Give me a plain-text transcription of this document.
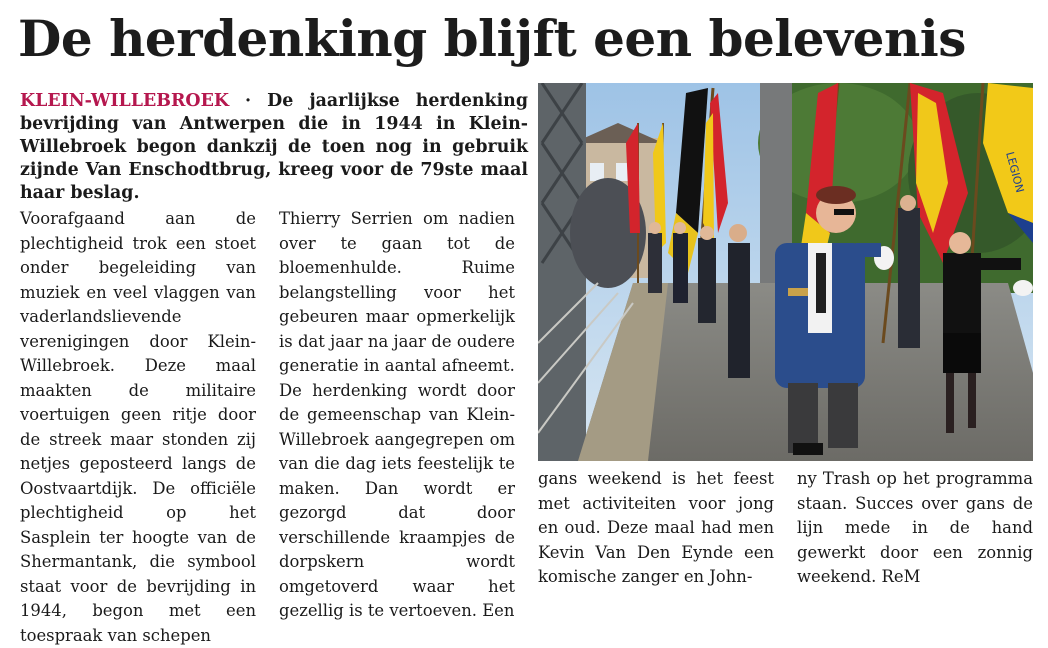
De herdenking blijft een belevenis
KLEIN-WILLEBROEK · De jaarlijkse herdenking bevrijding van Antwerpen die in 1944 in Klein-Willebroek begon dankzij de toen nog in gebruik zijnde Van Enschodtbrug, kreeg voor de 79ste maal haar beslag.

Voorafgaand aan de plechtigheid trok een stoet onder begeleiding van muziek en veel vlaggen van vaderlandslievende verenigingen door Klein-Willebroek. Deze maal maakten de militaire voertuigen geen ritje door de streek maar stonden zij netjes geposteerd langs de Oostvaartdijk. De officiële plechtigheid op het Sasplein ter hoogte van de Shermantank, die symbool staat voor de bevrijding in 1944, begon met een toespraak van schepen

Thierry Serrien om nadien over te gaan tot de bloemenhulde. Ruime belangstelling voor het gebeuren maar opmerkelijk is dat jaar na jaar de oudere generatie in aantal afneemt.

De herdenking wordt door de gemeenschap van Klein-Willebroek aangegrepen om van die dag iets feestelijk te maken. Dan wordt er gezorgd dat door verschillende kraampjes de dorpskern wordt omgetoverd waar het gezellig is te vertoeven. Een

gans weekend is het feest met activiteiten voor jong en oud. Deze maal had men Kevin Van Den Eynde een komische zanger en John-

ny Trash op het programma staan. Succes over gans de lijn mede in de hand gewerkt door een zonnig weekend. ReM

LEGION
